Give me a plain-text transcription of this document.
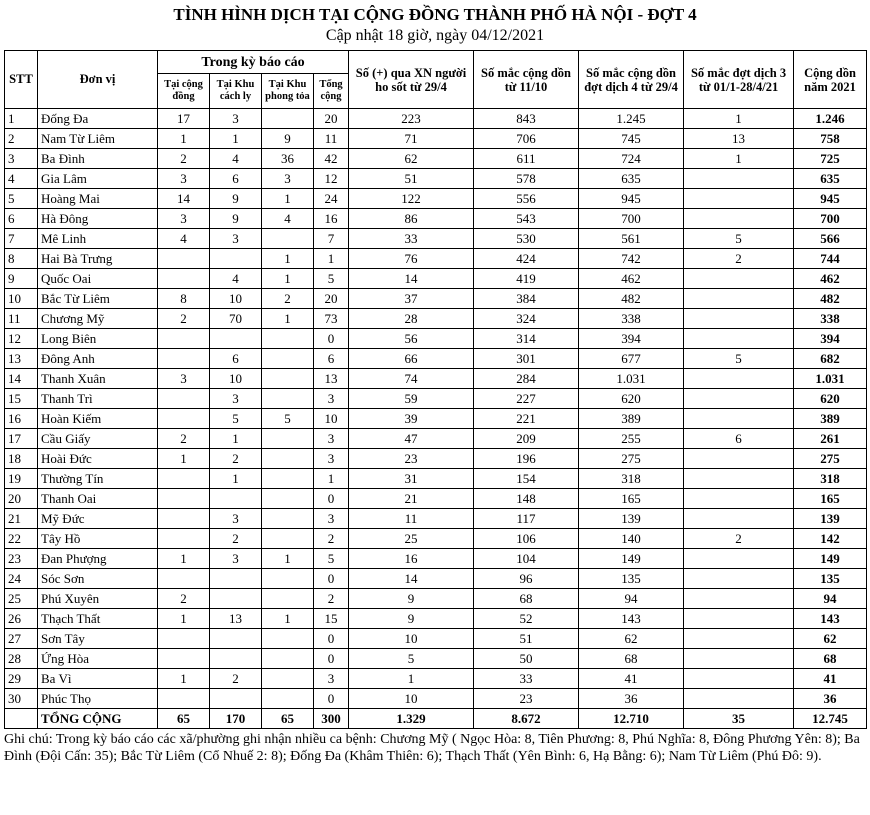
TÌNH HÌNH DỊCH TẠI CỘNG ĐỒNG THÀNH PHỐ HÀ NỘI - ĐỢT 4
Cập nhật 18 giờ, ngày 04/12/2021
STT	Đơn vị	Trong kỳ báo cáo				Số (+) qua XN người ho sốt từ 29/4	Số mắc cộng dồn từ 11/10	Số mắc cộng dồn đợt dịch 4 từ 29/4	Số mắc đợt dịch 3 từ 01/1-28/4/21	Cộng dồn năm 2021
		Tại cộng đồng	Tại Khu cách ly	Tại Khu phong tỏa	Tổng cộng					
1	Đống Đa	17	3		20	223	843	1.245	1	1.246
2	Nam Từ Liêm	1	1	9	11	71	706	745	13	758
3	Ba Đình	2	4	36	42	62	611	724	1	725
4	Gia Lâm	3	6	3	12	51	578	635		635
5	Hoàng Mai	14	9	1	24	122	556	945		945
6	Hà Đông	3	9	4	16	86	543	700		700
7	Mê Linh	4	3		7	33	530	561	5	566
8	Hai Bà Trưng			1	1	76	424	742	2	744
9	Quốc Oai		4	1	5	14	419	462		462
10	Bắc Từ Liêm	8	10	2	20	37	384	482		482
11	Chương Mỹ	2	70	1	73	28	324	338		338
12	Long Biên				0	56	314	394		394
13	Đông Anh		6		6	66	301	677	5	682
14	Thanh Xuân	3	10		13	74	284	1.031		1.031
15	Thanh Trì		3		3	59	227	620		620
16	Hoàn Kiếm		5	5	10	39	221	389		389
17	Cầu Giấy	2	1		3	47	209	255	6	261
18	Hoài Đức	1	2		3	23	196	275		275
19	Thường Tín		1		1	31	154	318		318
20	Thanh Oai				0	21	148	165		165
21	Mỹ Đức		3		3	11	117	139		139
22	Tây Hồ		2		2	25	106	140	2	142
23	Đan Phượng	1	3	1	5	16	104	149		149
24	Sóc Sơn				0	14	96	135		135
25	Phú Xuyên	2			2	9	68	94		94
26	Thạch Thất	1	13	1	15	9	52	143		143
27	Sơn Tây				0	10	51	62		62
28	Ứng Hòa				0	5	50	68		68
29	Ba Vì	1	2		3	1	33	41		41
30	Phúc Thọ				0	10	23	36		36
	TỔNG CỘNG	65	170	65	300	1.329	8.672	12.710	35	12.745
Ghi chú: Trong kỳ báo cáo các xã/phường ghi nhận nhiều ca bệnh: Chương Mỹ ( Ngọc Hòa: 8, Tiên Phương: 8, Phú Nghĩa: 8, Đông Phương Yên: 8); Ba Đình (Đội Cấn: 35); Bắc Từ Liêm (Cổ Nhuế 2: 8); Đống Đa (Khâm Thiên: 6); Thạch Thất (Yên Bình: 6, Hạ Bằng: 6); Nam Từ Liêm (Phú Đô: 9).
